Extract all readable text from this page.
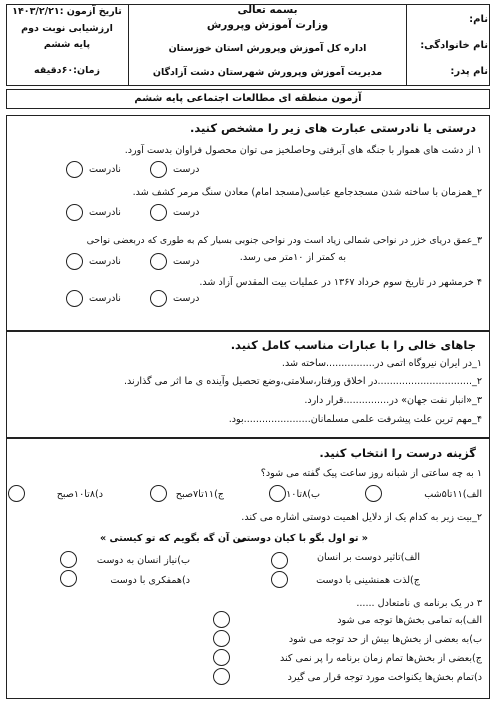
نام:
نام خانوادگی:
نام پدر:
بسمه تعالی
وزارت آموزش وپرورش
اداره کل آموزش وپرورش استان خوزستان
مدیریت آموزش وپرورش شهرستان دشت آزادگان
تاریخ آزمون :۱۴۰۳/۲/۲۱
ارزشیابی نوبت دوم
پایه ششم
زمان:۶۰دقیقه
آزمون منطقه ای مطالعات اجتماعی پایه ششم
درستی یا نادرستی عبارت های زیر را مشخص کنید.
۱ از دشت های هموار با جنگه های آبرفتی وحاصلخیز می توان محصول فراوان بدست آورد.
درست
نادرست
۲_همزمان با ساخته شدن مسجدجامع عباسی(مسجد امام) معادن سنگ مرمر کشف شد.
درست
نادرست
۳_عمق دریای خزر در نواحی شمالی زیاد است ودر نواحی جنوبی بسیار کم به طوری که دربعضی نواحی
به کمتر از ۱۰متر می رسد.
درست
نادرست
۴ خرمشهر در تاریخ سوم خرداد ۱۳۶۷ در عملیات بیت المقدس آزاد شد.
درست
نادرست
جاهای خالی را با عبارات مناسب کامل کنید.
۱_در ایران نیروگاه اتمی در................ساخته شد.
۲_...............................در اخلاق ورفتار،سلامتی،وضع تحصیل وآینده ی ما اثر می گذارند.
۳_«انبار نفت جهان» در...............قرار دارد.
۴_مهم ترین علت پیشرفت علمی مسلمانان......................بود.
گزینه درست را انتخاب کنید.
۱ به چه ساعتی از شبانه روز ساعت پیک گفته می شود؟
الف)۱۱تا۵شب
ب)۸تا۱۰
ج)۱۱تا۷صبح
د)۸تا۱۰صبح
۲_بیت زیر به کدام یک از دلایل اهمیت دوستی اشاره می کند.
« تو اول بگو با کیان دوستی
من آن گه بگویم که تو کیستی »
الف)تاثیر دوست بر انسان
ب)نیاز انسان به دوست
ج)لذت همنشینی با دوست
د)همفکری با دوست
۳ در یک برنامه ی نامتعادل ......
الف)به تمامی بخش‌ها توجه می شود
ب)به بعضی از بخش‌ها بیش از حد توجه می شود
ج)بعضی از بخش‌ها تمام زمان برنامه را پر نمی کند
د)تمام بخش‌ها یکنواخت مورد توجه قرار می گیرد
